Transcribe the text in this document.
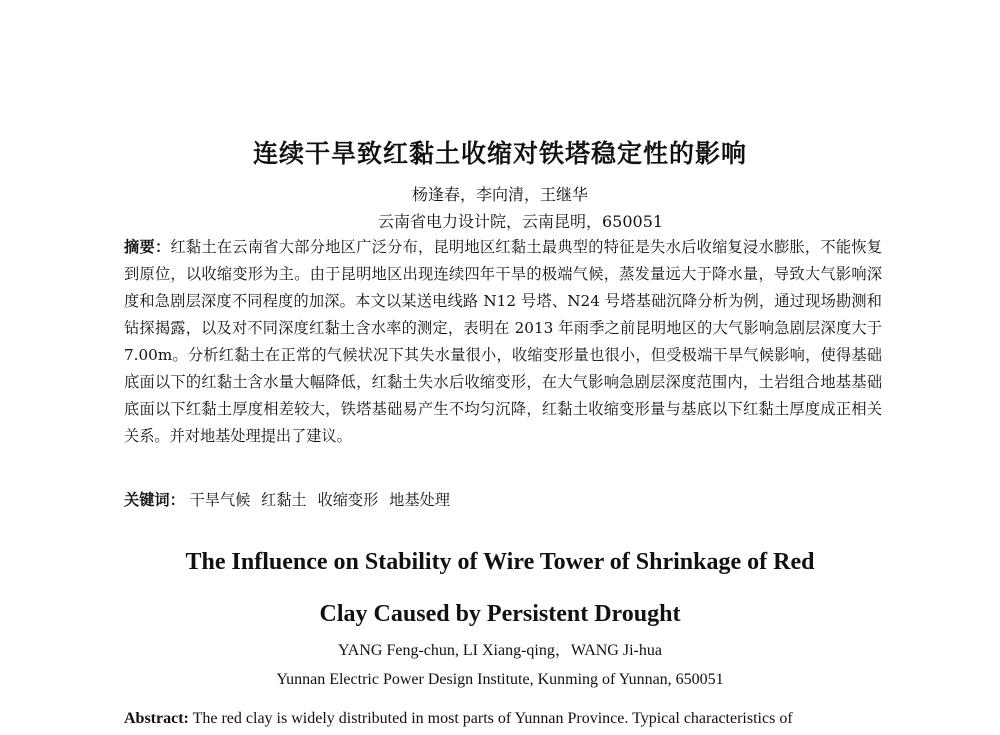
连续干旱致红黏土收缩对铁塔稳定性的影响
杨逢春，李向清，王继华
云南省电力设计院，云南昆明，650051
摘要：红黏土在云南省大部分地区广泛分布，昆明地区红黏土最典型的特征是失水后收缩复浸水膨胀，不能恢复到原位，以收缩变形为主。由于昆明地区出现连续四年干旱的极端气候，蒸发量远大于降水量，导致大气影响深度和急剧层深度不同程度的加深。本文以某送电线路 N12 号塔、N24 号塔基础沉降分析为例，通过现场勘测和钻探揭露，以及对不同深度红黏土含水率的测定，表明在 2013 年雨季之前昆明地区的大气影响急剧层深度大于 7.00m。分析红黏土在正常的气候状况下其失水量很小，收缩变形量也很小，但受极端干旱气候影响，使得基础底面以下的红黏土含水量大幅降低，红黏土失水后收缩变形，在大气影响急剧层深度范围内，土岩组合地基基础底面以下红黏土厚度相差较大，铁塔基础易产生不均匀沉降，红黏土收缩变形量与基底以下红黏土厚度成正相关关系。并对地基处理提出了建议。
关键词： 干旱气候 红黏土 收缩变形 地基处理
The Influence on Stability of Wire Tower of Shrinkage of Red
Clay Caused by Persistent Drought
YANG Feng-chun, LI Xiang-qing，WANG Ji-hua
Yunnan Electric Power Design Institute, Kunming of Yunnan, 650051
Abstract: The red clay is widely distributed in most parts of Yunnan Province. Typical characteristics of
